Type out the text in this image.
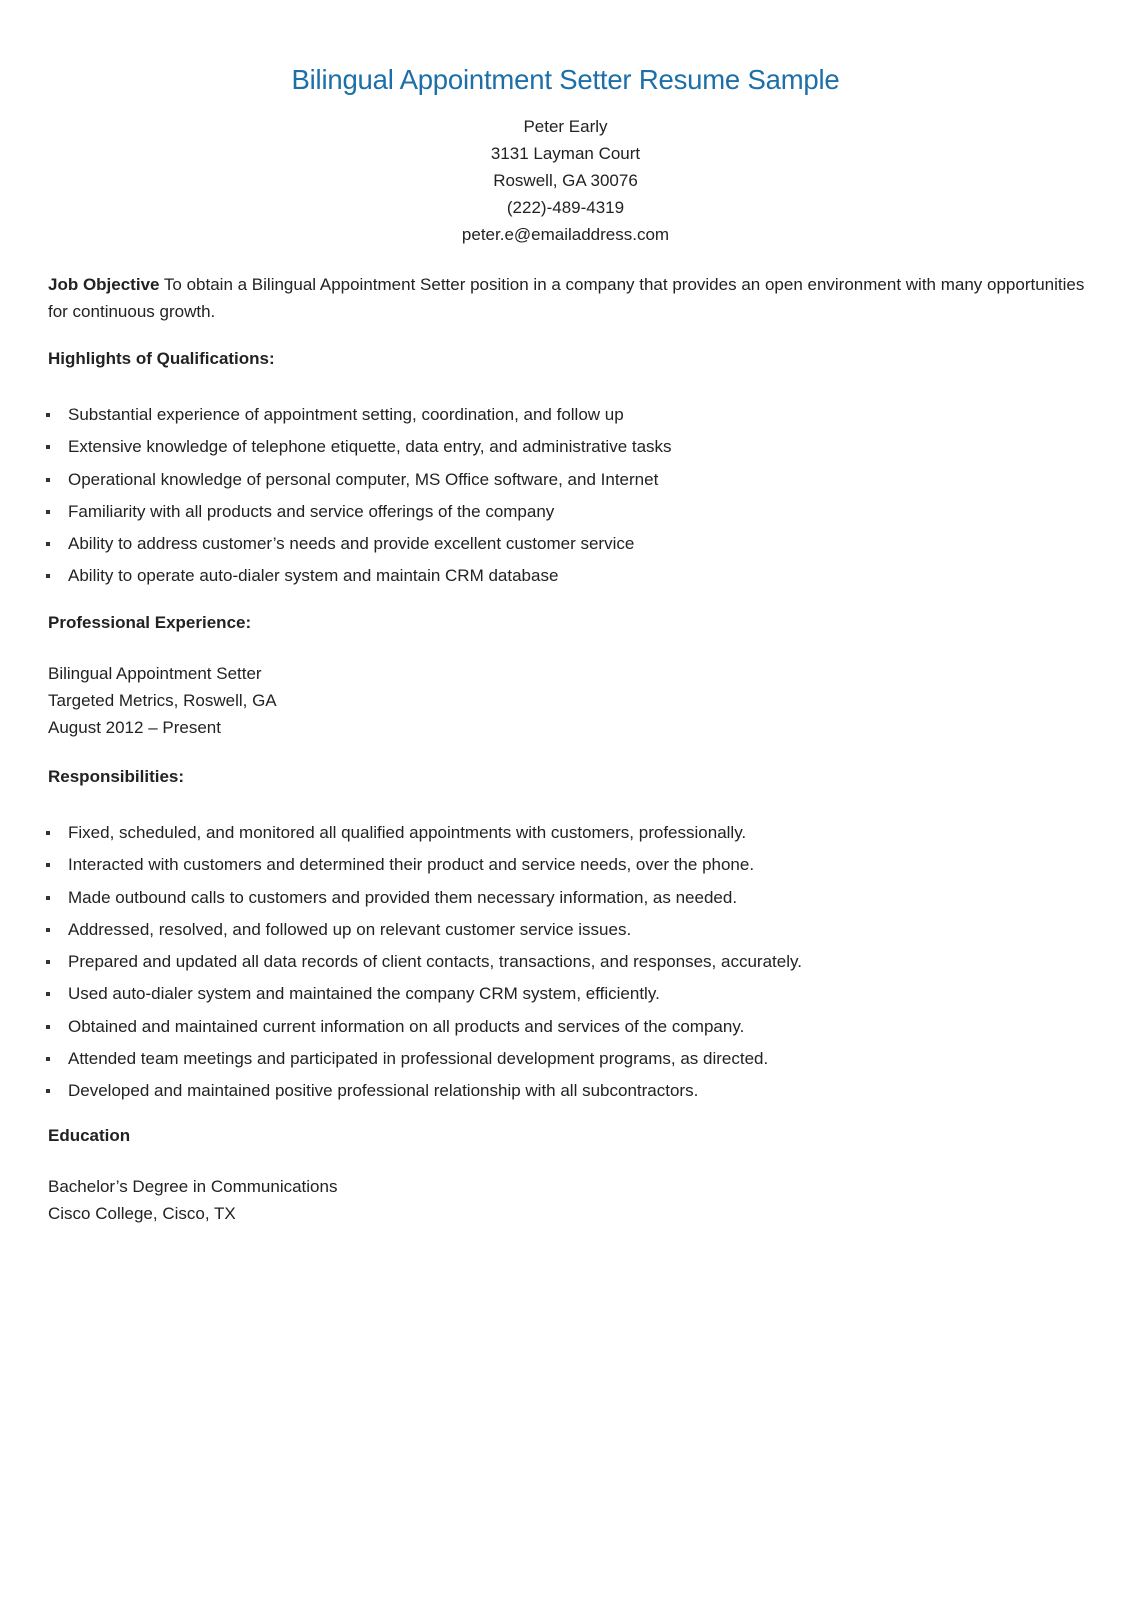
Bilingual Appointment Setter Resume Sample
Peter Early
3131 Layman Court
Roswell, GA 30076
(222)-489-4319
peter.e@emailaddress.com
Job Objective To obtain a Bilingual Appointment Setter position in a company that provides an open environment with many opportunities for continuous growth.
Highlights of Qualifications:
Substantial experience of appointment setting, coordination, and follow up
Extensive knowledge of telephone etiquette, data entry, and administrative tasks
Operational knowledge of personal computer, MS Office software, and Internet
Familiarity with all products and service offerings of the company
Ability to address customer’s needs and provide excellent customer service
Ability to operate auto-dialer system and maintain CRM database
Professional Experience:
Bilingual Appointment Setter
Targeted Metrics, Roswell, GA
August 2012 – Present
Responsibilities:
Fixed, scheduled, and monitored all qualified appointments with customers, professionally.
Interacted with customers and determined their product and service needs, over the phone.
Made outbound calls to customers and provided them necessary information, as needed.
Addressed, resolved, and followed up on relevant customer service issues.
Prepared and updated all data records of client contacts, transactions, and responses, accurately.
Used auto-dialer system and maintained the company CRM system, efficiently.
Obtained and maintained current information on all products and services of the company.
Attended team meetings and participated in professional development programs, as directed.
Developed and maintained positive professional relationship with all subcontractors.
Education
Bachelor’s Degree in Communications
Cisco College, Cisco, TX
